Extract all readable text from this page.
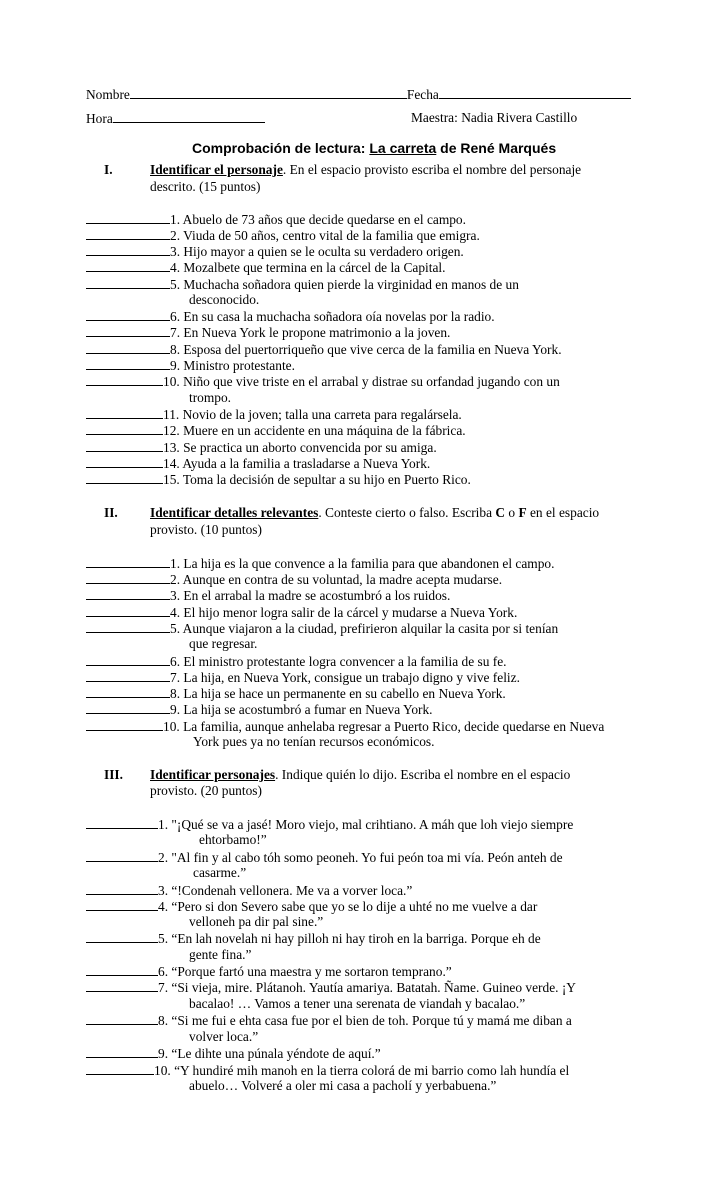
Nombre	Fecha
Hora	Maestra: Nadia Rivera Castillo
Comprobación de lectura: La carreta de René Marqués
I.	Identificar el personaje. En el espacio provisto escriba el nombre del personaje
descrito. (15 puntos)
1. Abuelo de 73 años que decide quedarse en el campo.
2. Viuda de 50 años, centro vital de la familia que emigra.
3. Hijo mayor a quien se le oculta su verdadero origen.
4. Mozalbete que termina en la cárcel de la Capital.
5. Muchacha soñadora quien pierde la virginidad en manos de un
desconocido.
6. En su casa la muchacha soñadora oía novelas por la radio.
7. En Nueva York le propone matrimonio a la joven.
8. Esposa del puertorriqueño que vive cerca de la familia en Nueva York.
9. Ministro protestante.
10. Niño que vive triste en el arrabal y distrae su orfandad jugando con un
trompo.
11. Novio de la joven; talla una carreta para regalársela.
12. Muere en un accidente en una máquina de la fábrica.
13. Se practica un aborto convencida por su amiga.
14. Ayuda a la familia a trasladarse a Nueva York.
15. Toma la decisión de sepultar a su hijo en Puerto Rico.
II. Identificar detalles relevantes. Conteste cierto o falso. Escriba C o F en el espacio
provisto. (10 puntos)
1. La hija es la que convence a la familia para que abandonen el campo.
2. Aunque en contra de su voluntad, la madre acepta mudarse.
3. En el arrabal la madre se acostumbró a los ruidos.
4. El hijo menor logra salir de la cárcel y mudarse a Nueva York.
5. Aunque viajaron a la ciudad, prefirieron alquilar la casita por si tenían
que regresar.
6. El ministro protestante logra convencer a la familia de su fe.
7. La hija, en Nueva York, consigue un trabajo digno y vive feliz.
8. La hija se hace un permanente en su cabello en Nueva York.
9. La hija se acostumbró a fumar en Nueva York.
10. La familia, aunque anhelaba regresar a Puerto Rico, decide quedarse en Nueva
York pues ya no tenían recursos económicos.
III. Identificar personajes. Indique quién lo dijo. Escriba el nombre en el espacio
provisto. (20 puntos)
1. "¡Qué se va a jasé! Moro viejo, mal crihtiano. A máh que loh viejo siempre
ehtorbamo!”
2. "Al fin y al cabo tóh somo peoneh. Yo fui peón toa mi vía. Peón anteh de
casarme.”
3. “!Condenah vellonera. Me va a vorver loca.”
4. “Pero si don Severo sabe que yo se lo dije a uhté no me vuelve a dar
velloneh pa dir pal sine.”
5. “En lah novelah ni hay pilloh ni hay tiroh en la barriga. Porque eh de
gente fina.”
6. “Porque fartó una maestra y me sortaron temprano.”
7. “Si vieja, mire. Plátanoh. Yautía amariya. Batatah. Ñame. Guineo verde. ¡Y
bacalao! … Vamos a tener una serenata de viandah y bacalao.”
8. “Si me fui e ehta casa fue por el bien de toh. Porque tú y mamá me diban a
volver loca.”
9. “Le dihte una púnala yéndote de aquí.”
10. “Y hundiré mih manoh en la tierra colorá de mi barrio como lah hundía el
abuelo… Volveré a oler mi casa a pacholí y yerbabuena.”
